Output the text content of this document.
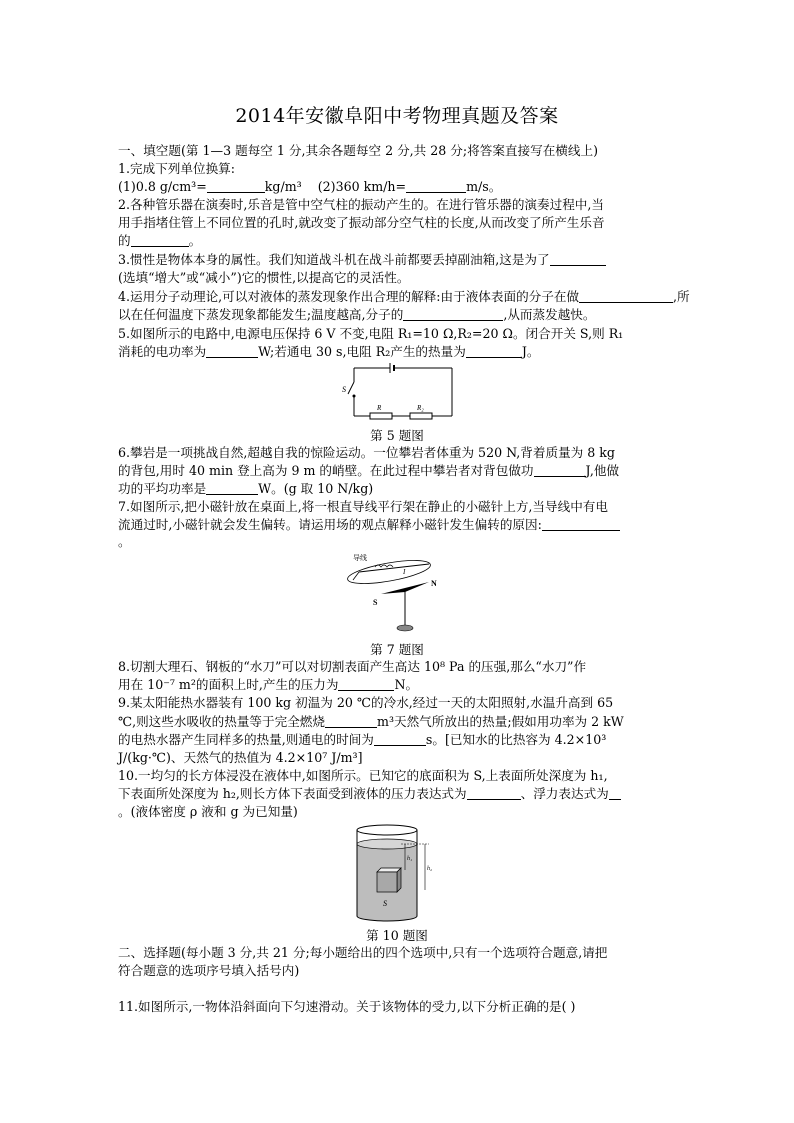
2014年安徽阜阳中考物理真题及答案
一、填空题(第 1—3 题每空 1 分,其余各题每空 2 分,共 28 分;将答案直接写在横线上)
1.完成下列单位换算:
(1)0.8 g/cm³=	kg/m³ (2)360 km/h=	m/s。
2.各种管乐器在演奏时,乐音是管中空气柱的振动产生的。在进行管乐器的演奏过程中,当
用手指堵住管上不同位置的孔时,就改变了振动部分空气柱的长度,从而改变了所产生乐音
的	。
3.惯性是物体本身的属性。我们知道战斗机在战斗前都要丢掉副油箱,这是为了
(选填“增大”或“减小”)它的惯性,以提高它的灵活性。
4.运用分子动理论,可以对液体的蒸发现象作出合理的解释:由于液体表面的分子在做	,所
以在任何温度下蒸发现象都能发生;温度越高,分子的	,从而蒸发越快。
5.如图所示的电路中,电源电压保持 6 V 不变,电阻 R₁=10 Ω,R₂=20 Ω。闭合开关 S,则 R₁
消耗的电功率为	W;若通电 30 s,电阻 R₂产生的热量为	J。
S
R	R₂
第 5 题图
6.攀岩是一项挑战自然,超越自我的惊险运动。一位攀岩者体重为 520 N,背着质量为 8 kg
的背包,用时 40 min 登上高为 9 m 的峭壁。在此过程中攀岩者对背包做功	J,他做
功的平均功率是	W。(g 取 10 N/kg)
7.如图所示,把小磁针放在桌面上,将一根直导线平行架在静止的小磁针上方,当导线中有电
流通过时,小磁针就会发生偏转。请运用场的观点解释小磁针发生偏转的原因:
。
导线
I
S
N
第 7 题图
8.切割大理石、钢板的“水刀”可以对切割表面产生高达 10⁸ Pa 的压强,那么“水刀”作
用在 10⁻⁷ m²的面积上时,产生的压力为	N。
9.某太阳能热水器装有 100 kg 初温为 20 ℃的冷水,经过一天的太阳照射,水温升高到 65
℃,则这些水吸收的热量等于完全燃烧	m³天然气所放出的热量;假如用功率为 2 kW
的电热水器产生同样多的热量,则通电的时间为	s。[已知水的比热容为 4.2×10³
J/(kg·℃)、天然气的热值为 4.2×10⁷ J/m³]
10.一均匀的长方体浸没在液体中,如图所示。已知它的底面积为 S,上表面所处深度为 h₁,
下表面所处深度为 h₂,则长方体下表面受到液体的压力表达式为	、浮力表达式为
。(液体密度 ρ 液和 g 为已知量)
h₁
h₂
S
第 10 题图
二、选择题(每小题 3 分,共 21 分;每小题给出的四个选项中,只有一个选项符合题意,请把
符合题意的选项序号填入括号内)
11.如图所示,一物体沿斜面向下匀速滑动。关于该物体的受力,以下分析正确的是( )
